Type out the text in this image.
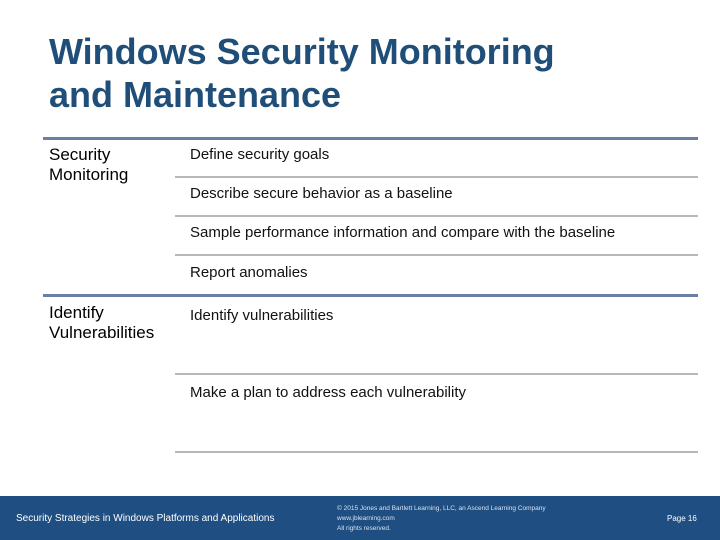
Windows Security Monitoring
and Maintenance
Security
Monitoring
Define security goals
Describe secure behavior as a baseline
Sample performance information and compare with the baseline
Report anomalies
Identify
Vulnerabilities
Identify vulnerabilities
Make a plan to address each vulnerability
Security Strategies in Windows Platforms and Applications
© 2015 Jones and Bartlett Learning, LLC, an Ascend Learning Company
www.jblearning.com
All rights reserved.
Page 16
